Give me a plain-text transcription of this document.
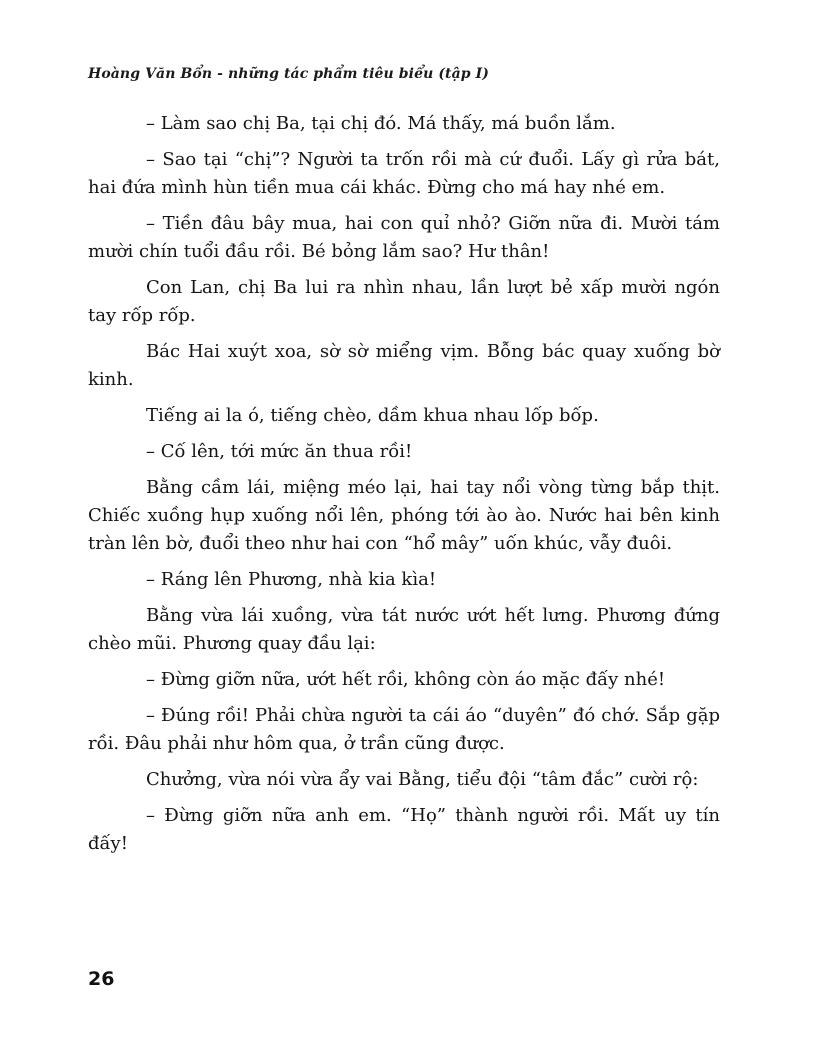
Hoàng Văn Bổn - những tác phẩm tiêu biểu (tập I)

– Làm sao chị Ba, tại chị đó. Má thấy, má buồn lắm.

– Sao tại “chị”? Người ta trốn rồi mà cứ đuổi. Lấy gì rửa bát, hai đứa mình hùn tiền mua cái khác. Đừng cho má hay nhé em.

– Tiền đâu bây mua, hai con quỉ nhỏ? Giỡn nữa đi. Mười tám mười chín tuổi đầu rồi. Bé bỏng lắm sao? Hư thân!

Con Lan, chị Ba lui ra nhìn nhau, lần lượt bẻ xấp mười ngón tay rốp rốp.

Bác Hai xuýt xoa, sờ sờ miểng vịm. Bỗng bác quay xuống bờ kinh.

Tiếng ai la ó, tiếng chèo, dầm khua nhau lốp bốp.

– Cố lên, tới mức ăn thua rồi!

Bằng cầm lái, miệng méo lại, hai tay nổi vòng từng bắp thịt. Chiếc xuồng hụp xuống nổi lên, phóng tới ào ào. Nước hai bên kinh tràn lên bờ, đuổi theo như hai con “hổ mây” uốn khúc, vẫy đuôi.

– Ráng lên Phương, nhà kia kìa!

Bằng vừa lái xuồng, vừa tát nước ướt hết lưng. Phương đứng chèo mũi. Phương quay đầu lại:

– Đừng giỡn nữa, ướt hết rồi, không còn áo mặc đấy nhé!

– Đúng rồi! Phải chừa người ta cái áo “duyên” đó chớ. Sắp gặp rồi. Đâu phải như hôm qua, ở trần cũng được.

Chưởng, vừa nói vừa ẩy vai Bằng, tiểu đội “tâm đắc” cười rộ:

– Đừng giỡn nữa anh em. “Họ” thành người rồi. Mất uy tín đấy!

26
